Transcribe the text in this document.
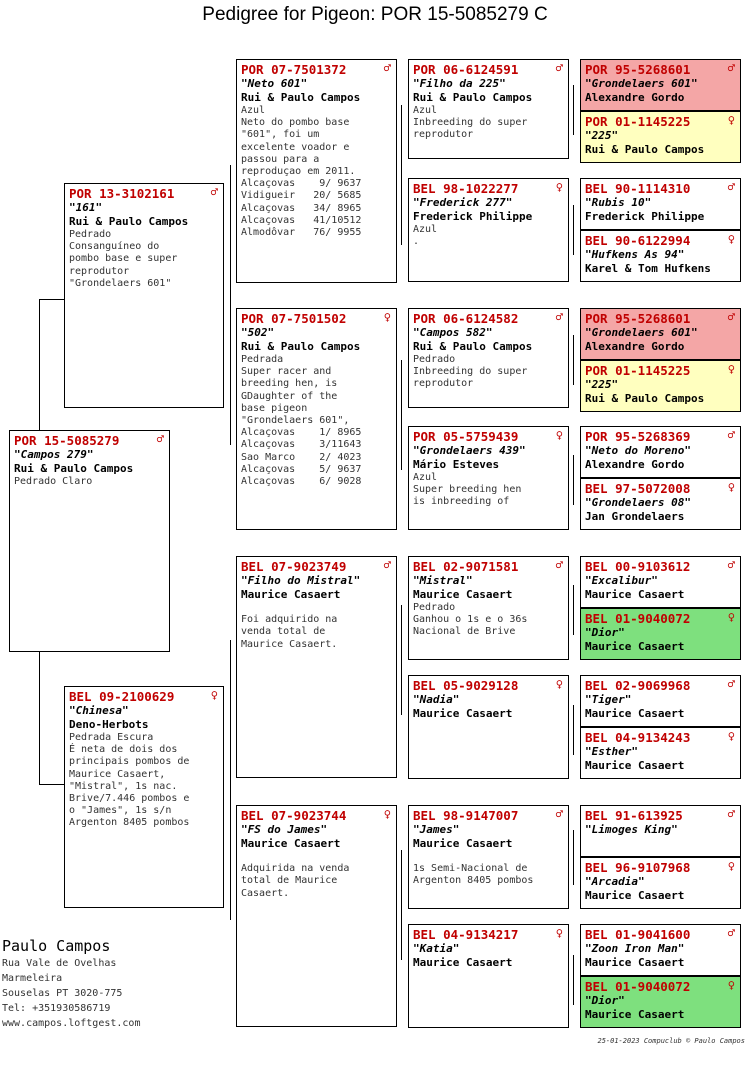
Pedigree for Pigeon: POR 15-5085279 C
POR 15-5085279	♂
"Campos 279"
Rui & Paulo Campos
Pedrado Claro
POR 13-3102161	♂
"161"
Rui & Paulo Campos
Pedrado
Consanguíneo do
pombo base e super
reprodutor
"Grondelaers 601"
BEL 09-2100629	♀
"Chinesa"
Deno-Herbots
Pedrada Escura
É neta de dois dos
principais pombos de
Maurice Casaert,
"Mistral", 1s nac.
Brive/7.446 pombos e
o "James", 1s s/n
Argenton 8405 pombos
POR 07-7501372	♂
"Neto 601"
Rui & Paulo Campos
Azul
Neto do pombo base
"601", foi um
excelente voador e
passou para a
reproduçao em 2011.
Alcaçovas    9/ 9637
Vidigueir   20/ 5685
Alcaçovas   34/ 8965
Alcaçovas   41/10512
Almodôvar   76/ 9955
POR 07-7501502	♀
"502"
Rui & Paulo Campos
Pedrada
Super racer and
breeding hen, is
GDaughter of the
base pigeon
"Grondelaers 601",
Alcaçovas    1/ 8965
Alcaçovas    3/11643
Sao Marco    2/ 4023
Alcaçovas    5/ 9637
Alcaçovas    6/ 9028
BEL 07-9023749	♂
"Filho do Mistral"
Maurice Casaert

Foi adquirido na
venda total de
Maurice Casaert.
BEL 07-9023744	♀
"FS do James"
Maurice Casaert

Adquirida na venda
total de Maurice
Casaert.
POR 06-6124591	♂
"Filho da 225"
Rui & Paulo Campos
Azul
Inbreeding do super
reprodutor
BEL 98-1022277	♀
"Frederick 277"
Frederick Philippe
Azul
.
POR 06-6124582	♂
"Campos 582"
Rui & Paulo Campos
Pedrado
Inbreeding do super
reprodutor
POR 05-5759439	♀
"Grondelaers 439"
Mário Esteves
Azul
Super breeding hen
is inbreeding of
BEL 02-9071581	♂
"Mistral"
Maurice Casaert
Pedrado
Ganhou o 1s e o 36s
Nacional de Brive
BEL 05-9029128	♀
"Nadia"
Maurice Casaert
BEL 98-9147007	♂
"James"
Maurice Casaert

1s Semi-Nacional de
Argenton 8405 pombos
BEL 04-9134217	♀
"Katia"
Maurice Casaert
POR 95-5268601	♂
"Grondelaers 601"
Alexandre Gordo
POR 01-1145225	♀
"225"
Rui & Paulo Campos
BEL 90-1114310	♂
"Rubis 10"
Frederick Philippe
BEL 90-6122994	♀
"Hufkens As 94"
Karel & Tom Hufkens
POR 95-5268601	♂
"Grondelaers 601"
Alexandre Gordo
POR 01-1145225	♀
"225"
Rui & Paulo Campos
POR 95-5268369	♂
"Neto do Moreno"
Alexandre Gordo
BEL 97-5072008	♀
"Grondelaers 08"
Jan Grondelaers
BEL 00-9103612	♂
"Excalibur"
Maurice Casaert
BEL 01-9040072	♀
"Dior"
Maurice Casaert
BEL 02-9069968	♂
"Tiger"
Maurice Casaert
BEL 04-9134243	♀
"Esther"
Maurice Casaert
BEL 91-613925	♂
"Limoges King"
BEL 96-9107968	♀
"Arcadia"
Maurice Casaert
BEL 01-9041600	♂
"Zoon Iron Man"
Maurice Casaert
BEL 01-9040072	♀
"Dior"
Maurice Casaert
Paulo Campos
Rua Vale de Ovelhas
Marmeleira
Souselas PT 3020-775
Tel: +351930586719
www.campos.loftgest.com
25-01-2023 Compuclub © Paulo Campos
